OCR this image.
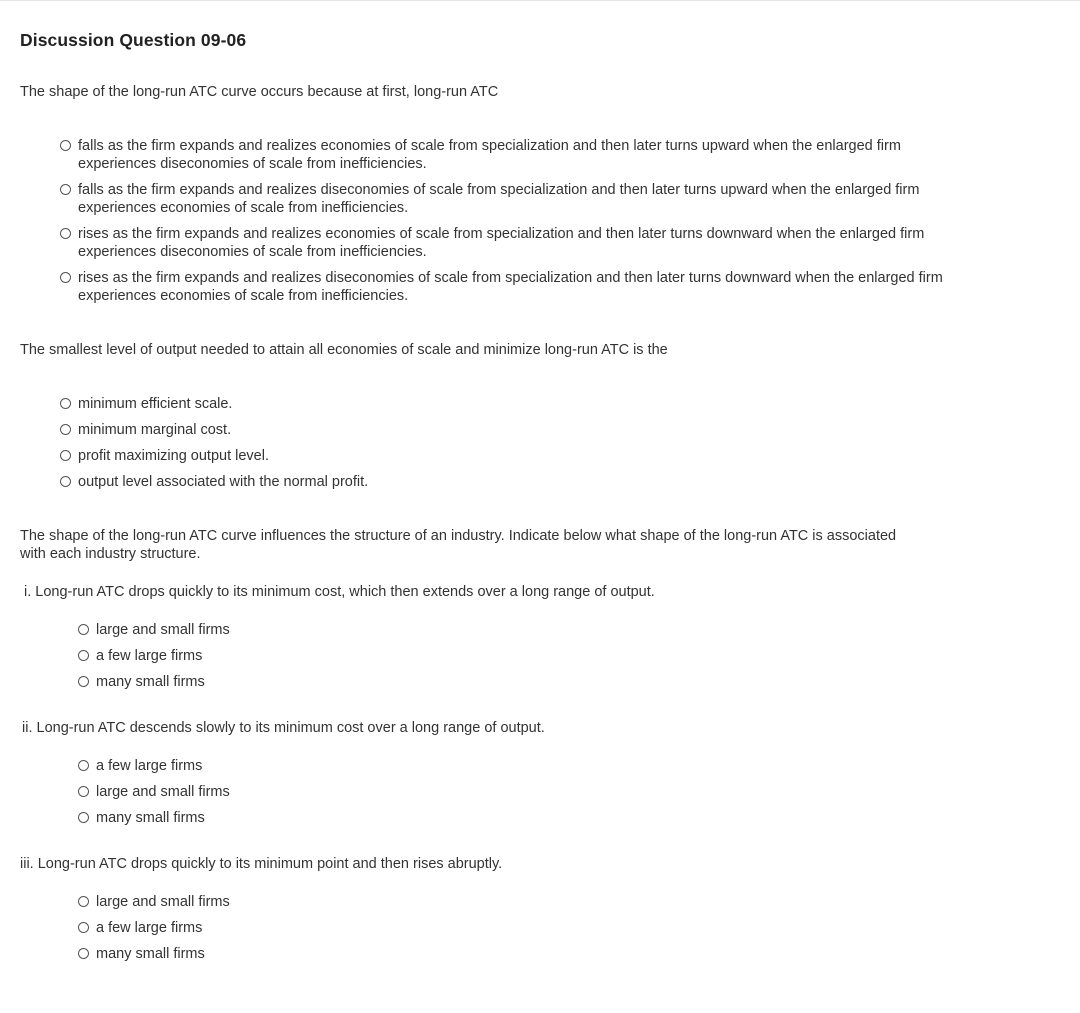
Discussion Question 09-06

The shape of the long-run ATC curve occurs because at first, long-run ATC

falls as the firm expands and realizes economies of scale from specialization and then later turns upward when the enlarged firm experiences diseconomies of scale from inefficiencies.
falls as the firm expands and realizes diseconomies of scale from specialization and then later turns upward when the enlarged firm experiences economies of scale from inefficiencies.
rises as the firm expands and realizes economies of scale from specialization and then later turns downward when the enlarged firm experiences diseconomies of scale from inefficiencies.
rises as the firm expands and realizes diseconomies of scale from specialization and then later turns downward when the enlarged firm experiences economies of scale from inefficiencies.

The smallest level of output needed to attain all economies of scale and minimize long-run ATC is the

minimum efficient scale.
minimum marginal cost.
profit maximizing output level.
output level associated with the normal profit.

The shape of the long-run ATC curve influences the structure of an industry. Indicate below what shape of the long-run ATC is associated with each industry structure.

i. Long-run ATC drops quickly to its minimum cost, which then extends over a long range of output.

large and small firms
a few large firms
many small firms

ii. Long-run ATC descends slowly to its minimum cost over a long range of output.

a few large firms
large and small firms
many small firms

iii. Long-run ATC drops quickly to its minimum point and then rises abruptly.

large and small firms
a few large firms
many small firms
